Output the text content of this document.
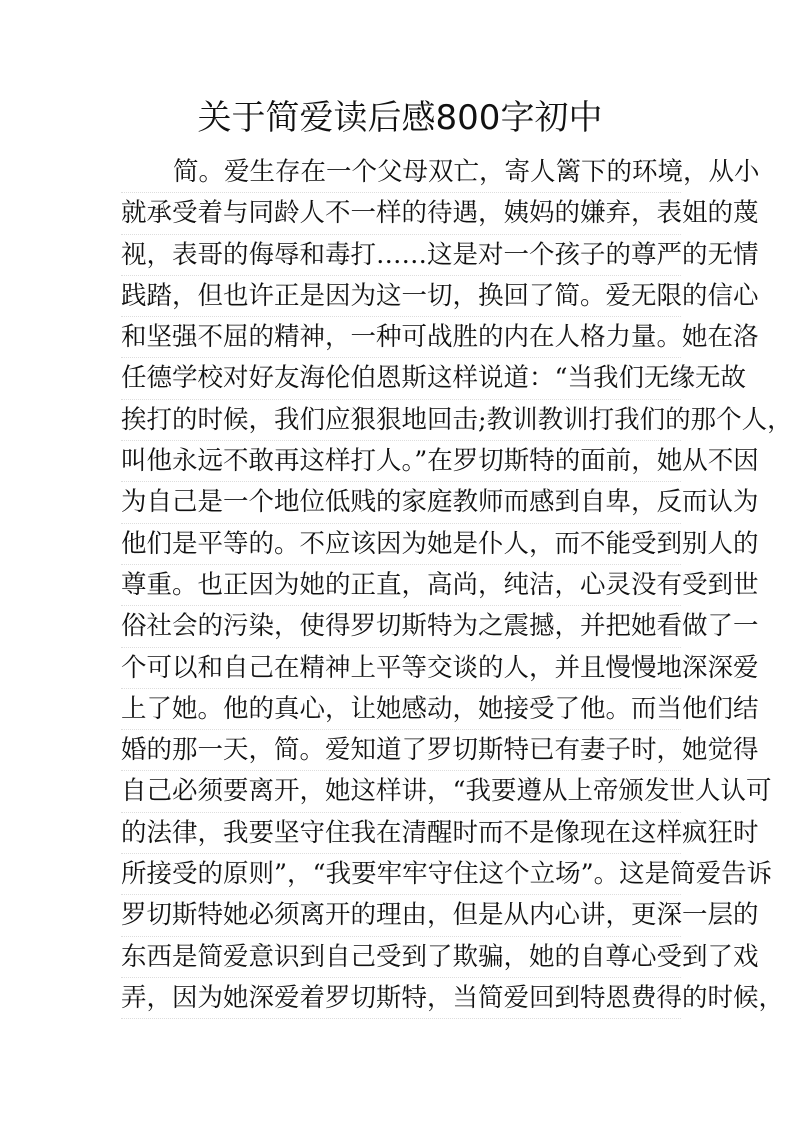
关于简爱读后感800字初中
简。爱生存在一个父母双亡，寄人篱下的环境，从小
就承受着与同龄人不一样的待遇，姨妈的嫌弃，表姐的蔑
视，表哥的侮辱和毒打……这是对一个孩子的尊严的无情
践踏，但也许正是因为这一切，换回了简。爱无限的信心
和坚强不屈的精神，一种可战胜的内在人格力量。她在洛
任德学校对好友海伦伯恩斯这样说道：“当我们无缘无故
挨打的时候，我们应狠狠地回击;教训教训打我们的那个人，
叫他永远不敢再这样打人。”在罗切斯特的面前，她从不因
为自己是一个地位低贱的家庭教师而感到自卑，反而认为
他们是平等的。不应该因为她是仆人，而不能受到别人的
尊重。也正因为她的正直，高尚，纯洁，心灵没有受到世
俗社会的污染，使得罗切斯特为之震撼，并把她看做了一
个可以和自己在精神上平等交谈的人，并且慢慢地深深爱
上了她。他的真心，让她感动，她接受了他。而当他们结
婚的那一天，简。爱知道了罗切斯特已有妻子时，她觉得
自己必须要离开，她这样讲，“我要遵从上帝颁发世人认可
的法律，我要坚守住我在清醒时而不是像现在这样疯狂时
所接受的原则”，“我要牢牢守住这个立场”。这是简爱告诉
罗切斯特她必须离开的理由，但是从内心讲，更深一层的
东西是简爱意识到自己受到了欺骗，她的自尊心受到了戏
弄，因为她深爱着罗切斯特，当简爱回到特恩费得的时候，
